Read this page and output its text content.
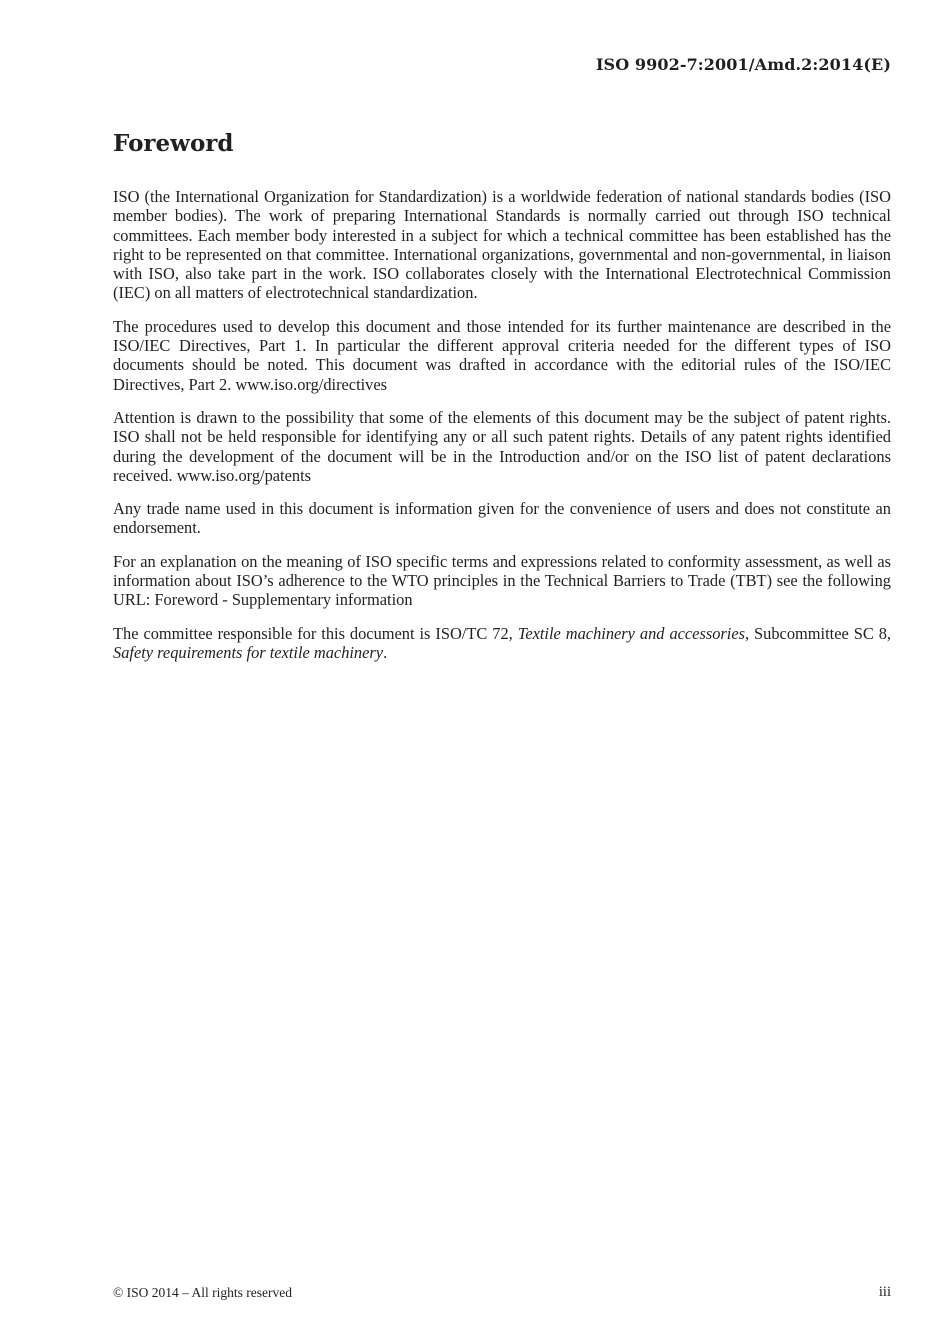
ISO 9902-7:2001/Amd.2:2014(E)
Foreword

ISO (the International Organization for Standardization) is a worldwide federation of national standards bodies (ISO member bodies). The work of preparing International Standards is normally carried out through ISO technical committees. Each member body interested in a subject for which a technical committee has been established has the right to be represented on that committee. International organizations, governmental and non-governmental, in liaison with ISO, also take part in the work. ISO collaborates closely with the International Electrotechnical Commission (IEC) on all matters of electrotechnical standardization.

The procedures used to develop this document and those intended for its further maintenance are described in the ISO/IEC Directives, Part 1. In particular the different approval criteria needed for the different types of ISO documents should be noted. This document was drafted in accordance with the editorial rules of the ISO/IEC Directives, Part 2. www.iso.org/directives

Attention is drawn to the possibility that some of the elements of this document may be the subject of patent rights. ISO shall not be held responsible for identifying any or all such patent rights. Details of any patent rights identified during the development of the document will be in the Introduction and/or on the ISO list of patent declarations received. www.iso.org/patents

Any trade name used in this document is information given for the convenience of users and does not constitute an endorsement.

For an explanation on the meaning of ISO specific terms and expressions related to conformity assessment, as well as information about ISO’s adherence to the WTO principles in the Technical Barriers to Trade (TBT) see the following URL: Foreword - Supplementary information

The committee responsible for this document is ISO/TC 72, Textile machinery and accessories, Subcommittee SC 8, Safety requirements for textile machinery.

© ISO 2014 – All rights reserved	iii
